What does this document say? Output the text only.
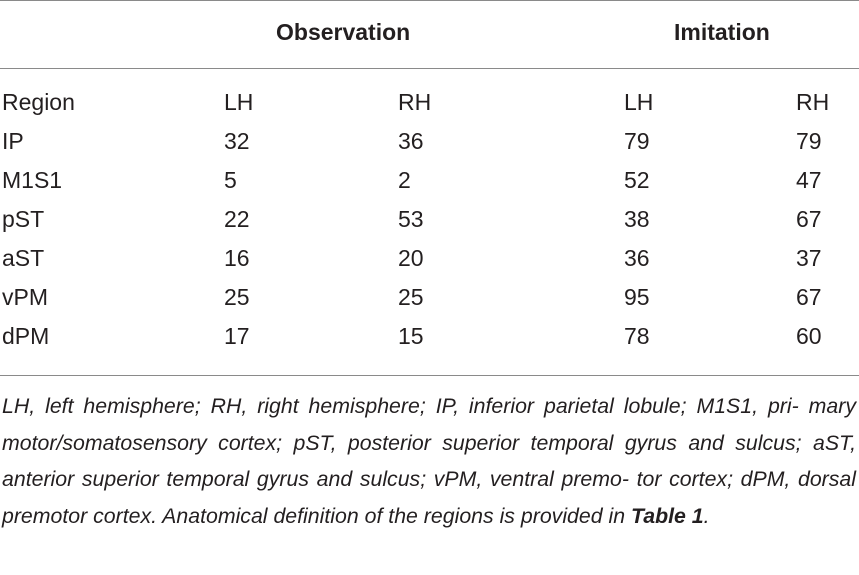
Observation	Imitation
Region	LH	RH	LH	RH
IP	32	36	79	79
M1S1	5	2	52	47
pST	22	53	38	67
aST	16	20	36	37
vPM	25	25	95	67
dPM	17	15	78	60
LH, left hemisphere; RH, right hemisphere; IP, inferior parietal lobule; M1S1, pri- mary motor/somatosensory cortex; pST, posterior superior temporal gyrus and sulcus; aST, anterior superior temporal gyrus and sulcus; vPM, ventral premo- tor cortex; dPM, dorsal premotor cortex. Anatomical definition of the regions is provided in Table 1.
